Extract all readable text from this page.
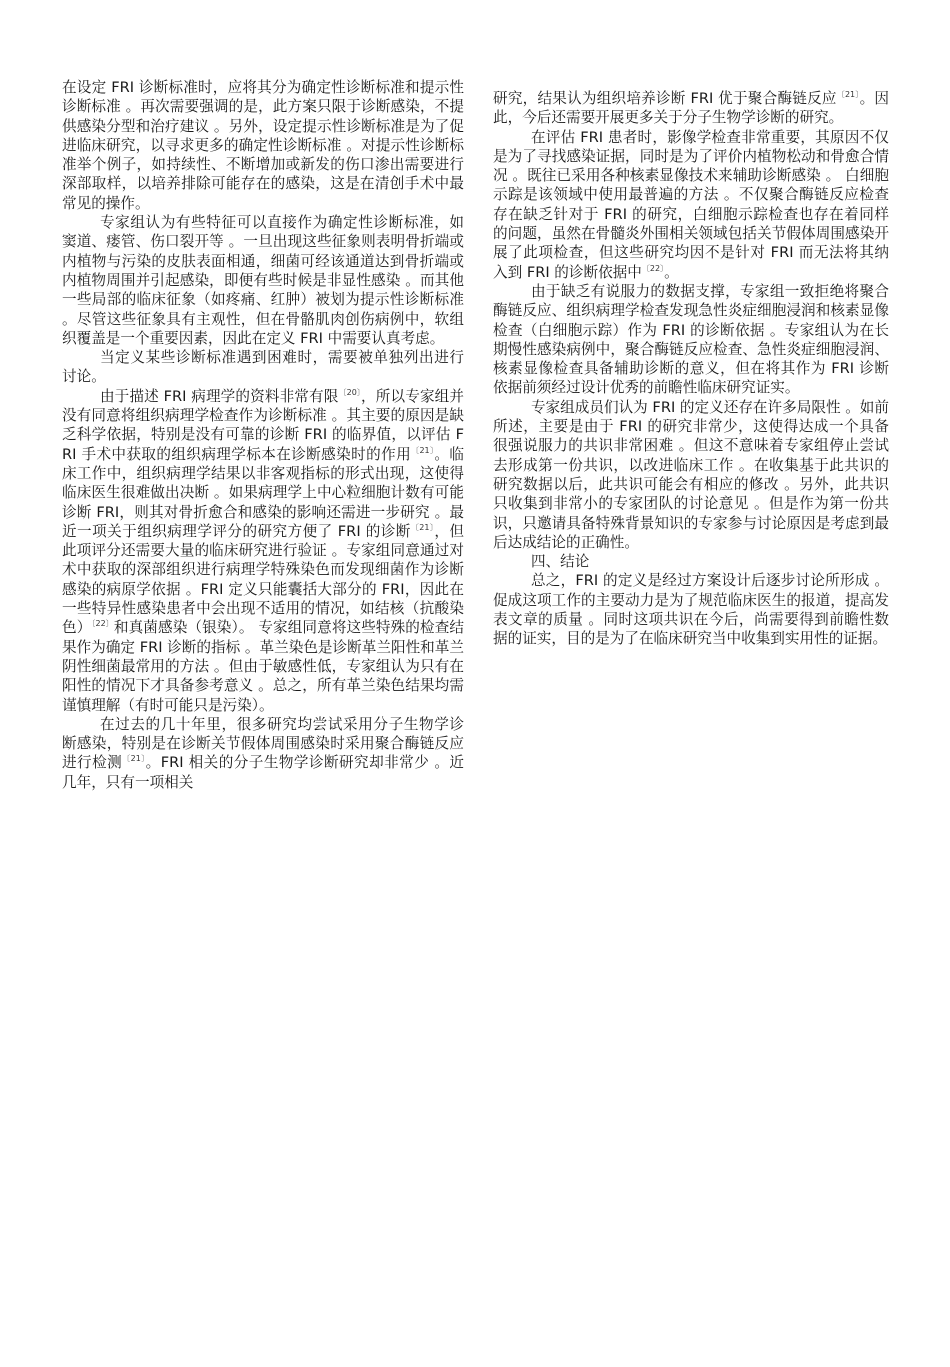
在设定 FRI 诊断标准时，应将其分为确定性诊断标准和提示性诊断标准 。再次需要强调的是，此方案只限于诊断感染，不提供感染分型和治疗建议 。另外，设定提示性诊断标准是为了促进临床研究，以寻求更多的确定性诊断标准 。对提示性诊断标准举个例子，如持续性、不断增加或新发的伤口渗出需要进行深部取样，以培养排除可能存在的感染，这是在清创手术中最常见的操作。

专家组认为有些特征可以直接作为确定性诊断标准，如窦道、瘘管、伤口裂开等 。一旦出现这些征象则表明骨折端或内植物与污染的皮肤表面相通，细菌可经该通道达到骨折端或内植物周围并引起感染，即便有些时候是非显性感染 。而其他一些局部的临床征象（如疼痛、红肿）被划为提示性诊断标准 。尽管这些征象具有主观性，但在骨骼肌肉创伤病例中，软组织覆盖是一个重要因素，因此在定义 FRI 中需要认真考虑。

当定义某些诊断标准遇到困难时，需要被单独列出进行讨论。

由于描述 FRI 病理学的资料非常有限$^{〔20〕}$，所以专家组并没有同意将组织病理学检查作为诊断标准 。其主要的原因是缺乏科学依据，特别是没有可靠的诊断 FRI 的临界值，以评估 FRI 手术中获取的组织病理学标本在诊断感染时的作用$^{〔21〕}$。临床工作中，组织病理学结果以非客观指标的形式出现，这使得临床医生很难做出决断 。如果病理学上中心粒细胞计数有可能诊断 FRI，则其对骨折愈合和感染的影响还需进一步研究 。最近一项关于组织病理学评分的研究方便了 FRI 的诊断$^{〔21〕}$，但此项评分还需要大量的临床研究进行验证 。专家组同意通过对术中获取的深部组织进行病理学特殊染色而发现细菌作为诊断感染的病原学依据 。FRI 定义只能囊括大部分的 FRI，因此在一些特异性感染患者中会出现不适用的情况，如结核（抗酸染色）$^{〔22〕}$和真菌感染（银染）。 专家组同意将这些特殊的检查结果作为确定 FRI 诊断的指标 。革兰染色是诊断革兰阳性和革兰阴性细菌最常用的方法 。但由于敏感性低，专家组认为只有在阳性的情况下才具备参考意义 。总之，所有革兰染色结果均需谨慎理解（有时可能只是污染）。

在过去的几十年里，很多研究均尝试采用分子生物学诊断感染，特别是在诊断关节假体周围感染时采用聚合酶链反应进行检测$^{〔21〕}$。FRI 相关的分子生物学诊断研究却非常少 。近几年，只有一项相关

研究，结果认为组织培养诊断 FRI 优于聚合酶链反应$^{〔21〕}$。因此，今后还需要开展更多关于分子生物学诊断的研究。

在评估 FRI 患者时，影像学检查非常重要，其原因不仅是为了寻找感染证据，同时是为了评价内植物松动和骨愈合情况 。既往已采用各种核素显像技术来辅助诊断感染 。 白细胞示踪是该领域中使用最普遍的方法 。不仅聚合酶链反应检查存在缺乏针对于 FRI 的研究，白细胞示踪检查也存在着同样的问题，虽然在骨髓炎外围相关领域包括关节假体周围感染开展了此项检查，但这些研究均因不是针对 FRI 而无法将其纳入到 FRI 的诊断依据中$^{〔22〕}$。

由于缺乏有说服力的数据支撑，专家组一致拒绝将聚合酶链反应、组织病理学检查发现急性炎症细胞浸润和核素显像检查（白细胞示踪）作为 FRI 的诊断依据 。专家组认为在长期慢性感染病例中，聚合酶链反应检查、急性炎症细胞浸润、核素显像检查具备辅助诊断的意义，但在将其作为 FRI 诊断依据前须经过设计优秀的前瞻性临床研究证实。

专家组成员们认为 FRI 的定义还存在许多局限性 。如前所述，主要是由于 FRI 的研究非常少，这使得达成一个具备很强说服力的共识非常困难 。但这不意味着专家组停止尝试去形成第一份共识，以改进临床工作 。在收集基于此共识的研究数据以后，此共识可能会有相应的修改 。另外，此共识只收集到非常小的专家团队的讨论意见 。但是作为第一份共识，只邀请具备特殊背景知识的专家参与讨论原因是考虑到最后达成结论的正确性。

四、结论

总之，FRI 的定义是经过方案设计后逐步讨论所形成 。促成这项工作的主要动力是为了规范临床医生的报道，提高发表文章的质量 。同时这项共识在今后，尚需要得到前瞻性数据的证实，目的是为了在临床研究当中收集到实用性的证据。
